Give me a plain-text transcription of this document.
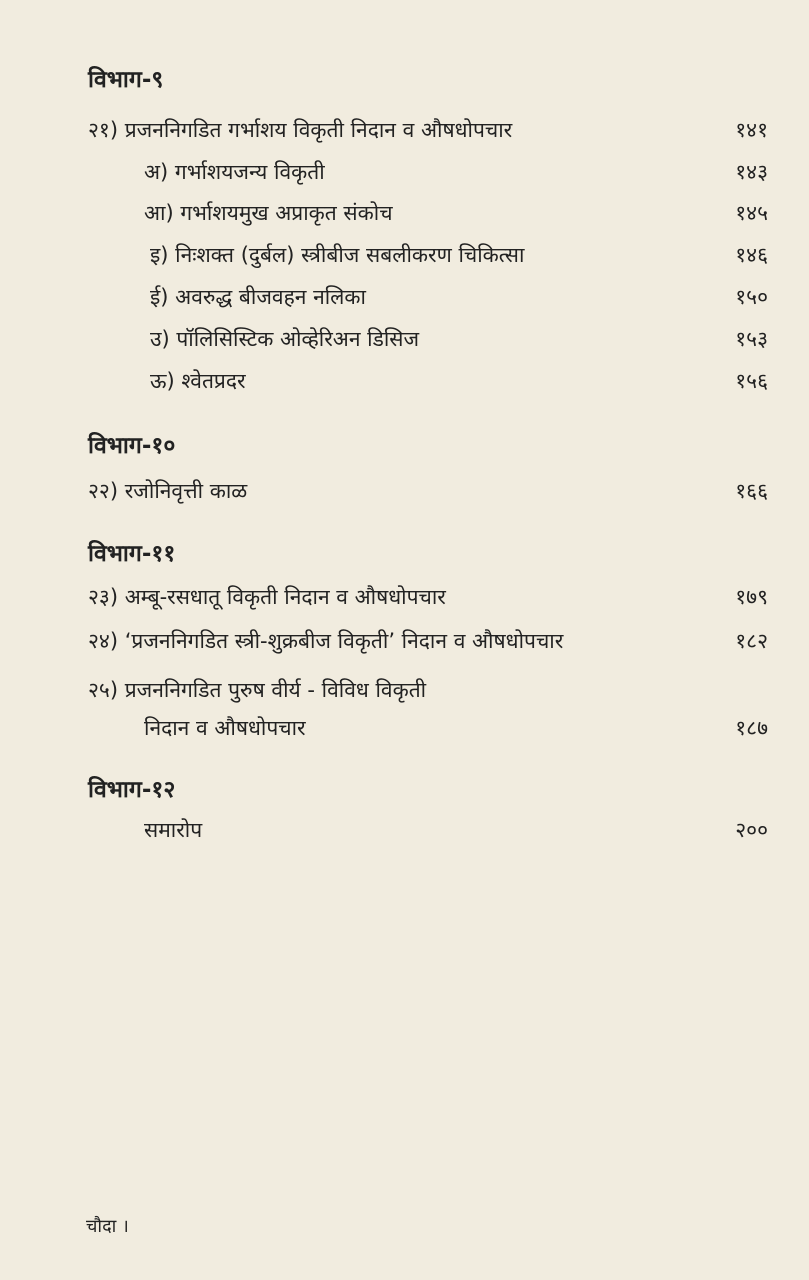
विभाग-९
२१) प्रजननिगडित गर्भाशय विकृती निदान व औषधोपचार	१४१
अ) गर्भाशयजन्य विकृती	१४३
आ) गर्भाशयमुख अप्राकृत संकोच	१४५
इ) निःशक्त (दुर्बल) स्त्रीबीज सबलीकरण चिकित्सा	१४६
ई) अवरुद्ध बीजवहन नलिका	१५०
उ) पॉलिसिस्टिक ओव्हेरिअन डिसिज	१५३
ऊ) श्वेतप्रदर	१५६
विभाग-१०
२२) रजोनिवृत्ती काळ	१६६
विभाग-११
२३) अम्बू-रसधातू विकृती निदान व औषधोपचार	१७९
२४) ‘प्रजननिगडित स्त्री-शुक्रबीज विकृती’ निदान व औषधोपचार	१८२
२५) प्रजननिगडित पुरुष वीर्य - विविध विकृती
निदान व औषधोपचार	१८७
विभाग-१२
समारोप	२००
चौदा ।
